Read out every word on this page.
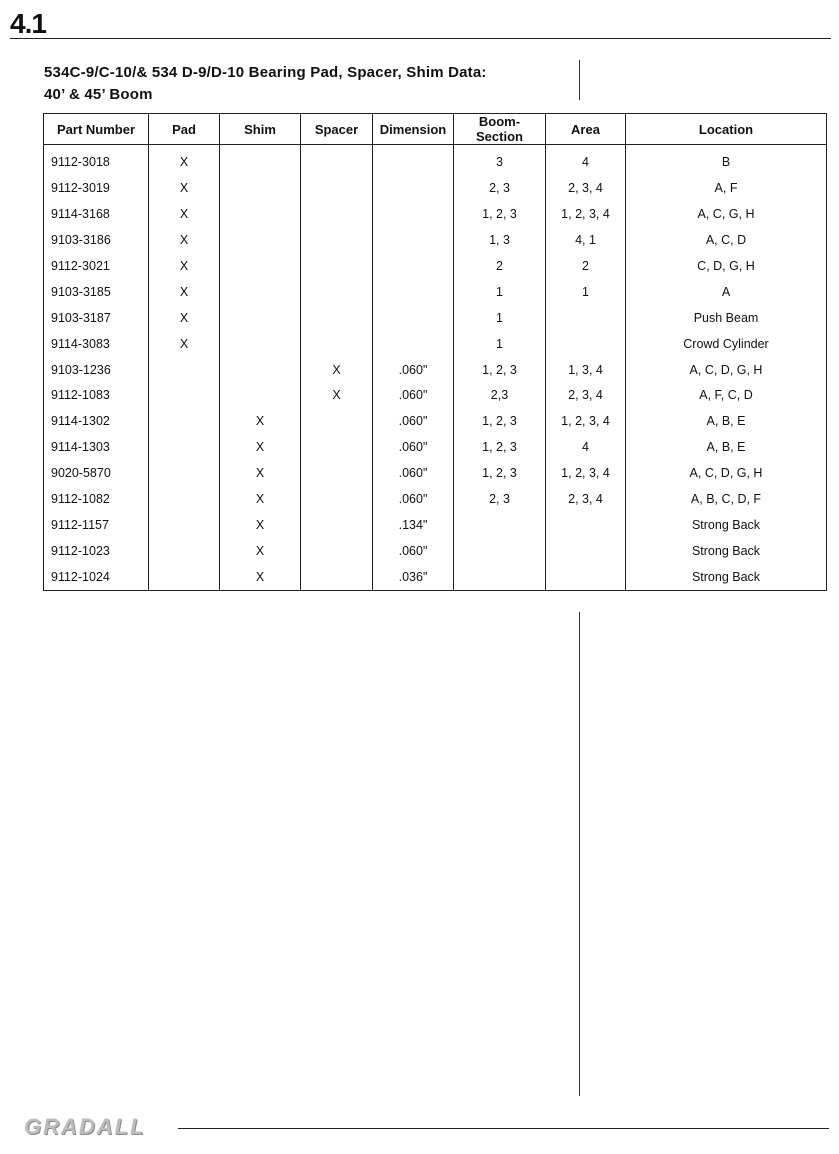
4.1
534C-9/C-10/& 534 D-9/D-10 Bearing Pad, Spacer, Shim Data:
40’ & 45’ Boom
Part Number	Pad	Shim	Spacer	Dimension	Boom-Section	Area	Location
9112-3018	X				3	4	B
9112-3019	X				2, 3	2, 3, 4	A, F
9114-3168	X				1, 2, 3	1, 2, 3, 4	A, C, G, H
9103-3186	X				1, 3	4, 1	A, C, D
9112-3021	X				2	2	C, D, G, H
9103-3185	X				1	1	A
9103-3187	X				1		Push Beam
9114-3083	X				1		Crowd Cylinder
9103-1236			X	.060"	1, 2, 3	1, 3, 4	A, C, D, G, H
9112-1083			X	.060"	2,3	2, 3, 4	A, F, C, D
9114-1302		X		.060"	1, 2, 3	1, 2, 3, 4	A, B, E
9114-1303		X		.060"	1, 2, 3	4	A, B, E
9020-5870		X		.060"	1, 2, 3	1, 2, 3, 4	A, C, D, G, H
9112-1082		X		.060"	2, 3	2, 3, 4	A, B, C, D, F
9112-1157		X		.134"			Strong Back
9112-1023		X		.060"			Strong Back
9112-1024		X		.036"			Strong Back
GRADALL
